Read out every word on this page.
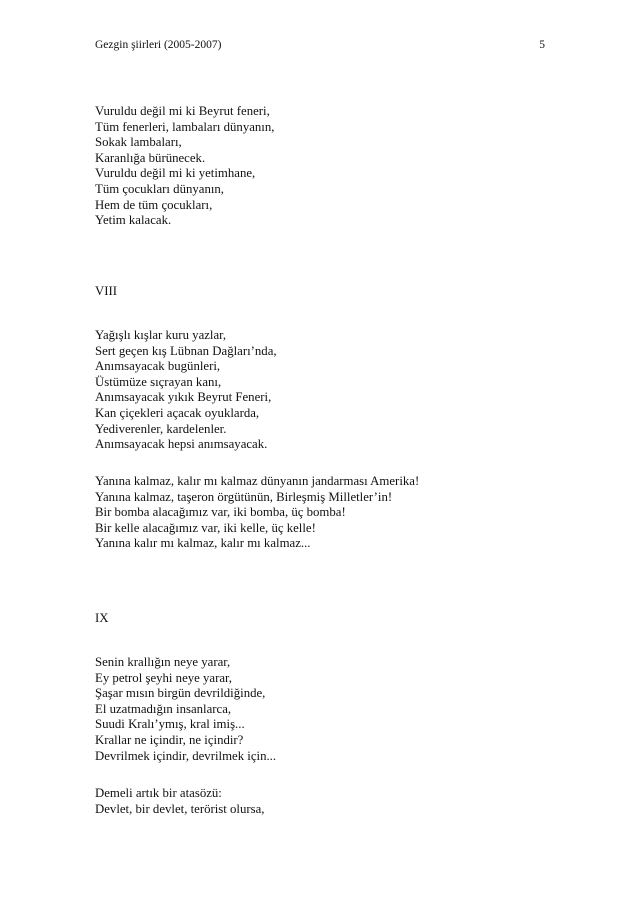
Gezgin şiirleri (2005-2007)	5
Vuruldu değil mi ki Beyrut feneri,
Tüm fenerleri, lambaları dünyanın,
Sokak lambaları,
Karanlığa bürünecek.
Vuruldu değil mi ki yetimhane,
Tüm çocukları dünyanın,
Hem de tüm çocukları,
Yetim kalacak.
VIII
Yağışlı kışlar kuru yazlar,
Sert geçen kış Lübnan Dağları’nda,
Anımsayacak bugünleri,
Üstümüze sıçrayan kanı,
Anımsayacak yıkık Beyrut Feneri,
Kan çiçekleri açacak oyuklarda,
Yediverenler, kardelenler.
Anımsayacak hepsi anımsayacak.
Yanına kalmaz, kalır mı kalmaz dünyanın jandarması Amerika!
Yanına kalmaz, taşeron örgütünün, Birleşmiş Milletler’in!
Bir bomba alacağımız var, iki bomba, üç bomba!
Bir kelle alacağımız var, iki kelle, üç kelle!
Yanına kalır mı kalmaz, kalır mı kalmaz...
IX
Senin krallığın neye yarar,
Ey petrol şeyhi neye yarar,
Şaşar mısın birgün devrildiğinde,
El uzatmadığın insanlarca,
Suudi Kralı’ymış, kral imiş...
Krallar ne içindir, ne içindir?
Devrilmek içindir, devrilmek için...
Demeli artık bir atasözü:
Devlet, bir devlet, terörist olursa,
